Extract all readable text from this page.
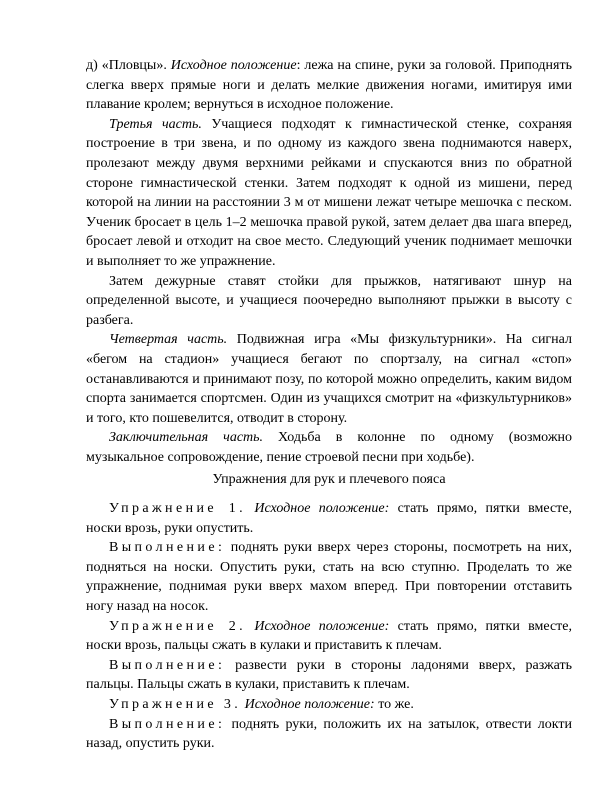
д) «Пловцы». Исходное положение: лежа на спине, руки за головой. Приподнять слегка вверх прямые ноги и делать мелкие движения ногами, имитируя ими плавание кролем; вернуться в исходное положение.

Третья часть. Учащиеся подходят к гимнастической стенке, сохраняя построение в три звена, и по одному из каждого звена поднимаются наверх, пролезают между двумя верхними рейками и спускаются вниз по обратной стороне гимнастической стенки. Затем подходят к одной из мишени, перед которой на линии на расстоянии 3 м от мишени лежат четыре мешочка с песком. Ученик бросает в цель 1–2 мешочка правой рукой, затем делает два шага вперед, бросает левой и отходит на свое место. Следующий ученик поднимает мешочки и выполняет то же упражнение.

Затем дежурные ставят стойки для прыжков, натягивают шнур на определенной высоте, и учащиеся поочередно выполняют прыжки в высоту с разбега.

Четвертая часть. Подвижная игра «Мы физкультурники». На сигнал «бегом на стадион» учащиеся бегают по спортзалу, на сигнал «стоп» останавливаются и принимают позу, по которой можно определить, каким видом спорта занимается спортсмен. Один из учащихся смотрит на «физкультурников» и того, кто пошевелится, отводит в сторону.

Заключительная часть. Ходьба в колонне по одному (возможно музыкальное сопровождение, пение строевой песни при ходьбе).

Упражнения для рук и плечевого пояса

Упражнение 1. Исходное положение: стать прямо, пятки вместе, носки врозь, руки опустить.

Выполнение: поднять руки вверх через стороны, посмотреть на них, подняться на носки. Опустить руки, стать на всю ступню. Проделать то же упражнение, поднимая руки вверх махом вперед. При повторении отставить ногу назад на носок.

Упражнение 2. Исходное положение: стать прямо, пятки вместе, носки врозь, пальцы сжать в кулаки и приставить к плечам.

Выполнение: развести руки в стороны ладонями вверх, разжать пальцы. Пальцы сжать в кулаки, приставить к плечам.

Упражнение 3. Исходное положение: то же.

Выполнение: поднять руки, положить их на затылок, отвести локти назад, опустить руки.
